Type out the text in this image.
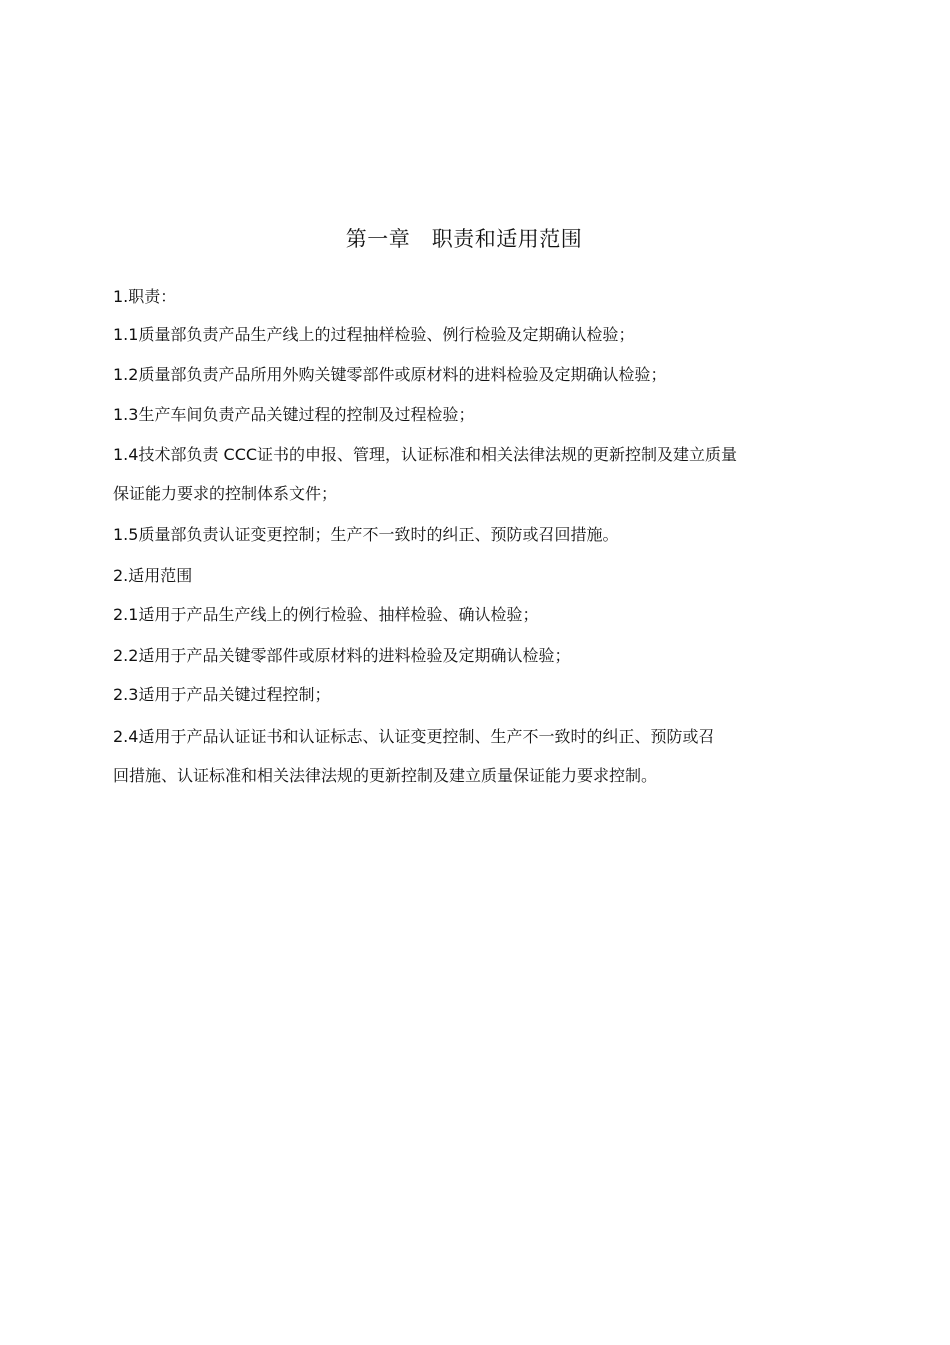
第一章　职责和适用范围
1.职责：
1.1质量部负责产品生产线上的过程抽样检验、例行检验及定期确认检验；
1.2质量部负责产品所用外购关键零部件或原材料的进料检验及定期确认检验；
1.3生产车间负责产品关键过程的控制及过程检验；
1.4技术部负责 CCC证书的申报、管理，认证标准和相关法律法规的更新控制及建立质量
保证能力要求的控制体系文件；
1.5质量部负责认证变更控制；生产不一致时的纠正、预防或召回措施。
2.适用范围
2.1适用于产品生产线上的例行检验、抽样检验、确认检验；
2.2适用于产品关键零部件或原材料的进料检验及定期确认检验；
2.3适用于产品关键过程控制；
2.4适用于产品认证证书和认证标志、认证变更控制、生产不一致时的纠正、预防或召
回措施、认证标准和相关法律法规的更新控制及建立质量保证能力要求控制。
